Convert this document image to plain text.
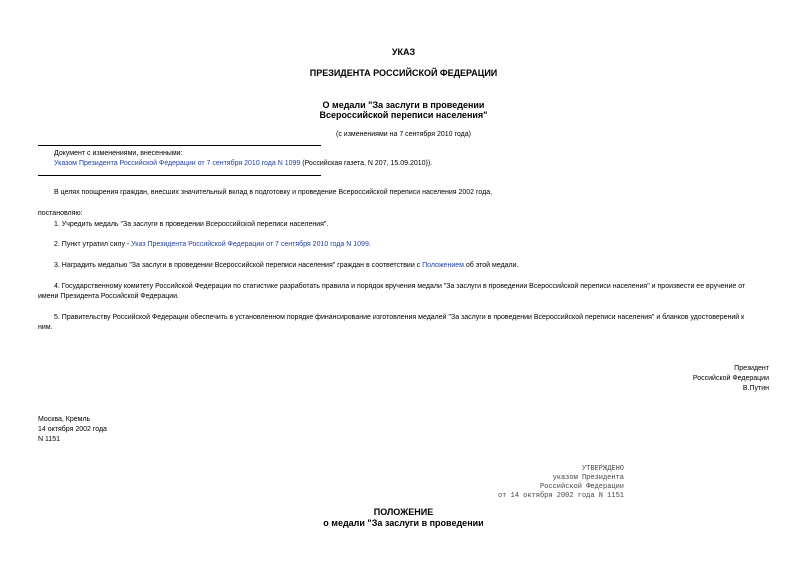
УКАЗ
ПРЕЗИДЕНТА РОССИЙСКОЙ ФЕДЕРАЦИИ
О медали "За заслуги в проведении
Всероссийской переписи населения"
(с изменениями на 7 сентября 2010 года)
Документ с изменениями, внесенными:
Указом Президента Российской Федерации от 7 сентября 2010 года N 1099 (Российская газета, N 207, 15.09.2010)).
В целях поощрения граждан, внесших значительный вклад в подготовку и проведение Всероссийской переписи населения 2002 года,
постановляю:
1. Учредить медаль "За заслуги в проведении Всероссийской переписи населения".
2. Пункт утратил силу - Указ Президента Российской Федерации от 7 сентября 2010 года N 1099.
3. Наградить медалью "За заслуги в проведении Всероссийской переписи населения" граждан в соответствии с Положением об этой медали.
4. Государственному комитету Российской Федерации по статистике разработать правила и порядок вручения медали "За заслуги в проведении Всероссийской переписи населения" и произвести ее вручение от
имени Президента Российской Федерации.
5. Правительству Российской Федерации обеспечить в установленном порядке финансирование изготовления медалей "За заслуги в проведении Всероссийской переписи населения" и бланков удостоверений к
ним.
Президент
Российской Федерации
В.Путин
Москва, Кремль
14 октября 2002 года
N 1151
УТВЕРЖДЕНО
указом Президента
Российской Федерации
от 14 октября 2002 года N 1151
ПОЛОЖЕНИЕ
о медали "За заслуги в проведении
